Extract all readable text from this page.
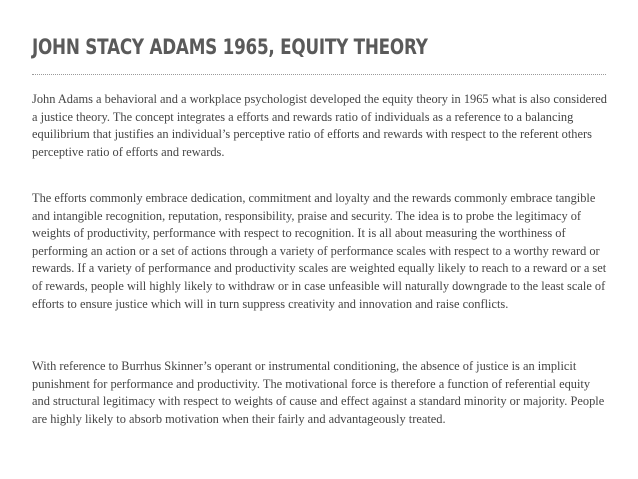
JOHN STACY ADAMS 1965, EQUITY THEORY

John Adams a behavioral and a workplace psychologist developed the equity theory in 1965 what is also considered a justice theory. The concept integrates a efforts and rewards ratio of individuals as a reference to a balancing equilibrium that justifies an individual’s perceptive ratio of efforts and rewards with respect to the referent others perceptive ratio of efforts and rewards.

The efforts commonly embrace dedication, commitment and loyalty and the rewards commonly embrace tangible and intangible recognition, reputation, responsibility, praise and security. The idea is to probe the legitimacy of weights of productivity, performance with respect to recognition. It is all about measuring the worthiness of performing an action or a set of actions through a variety of performance scales with respect to a worthy reward or rewards. If a variety of performance and productivity scales are weighted equally likely to reach to a reward or a set of rewards, people will highly likely to withdraw or in case unfeasible will naturally downgrade to the least scale of efforts to ensure justice which will in turn suppress creativity and innovation and raise conflicts.

With reference to Burrhus Skinner’s operant or instrumental conditioning, the absence of justice is an implicit punishment for performance and productivity. The motivational force is therefore a function of referential equity and structural legitimacy with respect to weights of cause and effect against a standard minority or majority. People are highly likely to absorb motivation when their fairly and advantageously treated.
